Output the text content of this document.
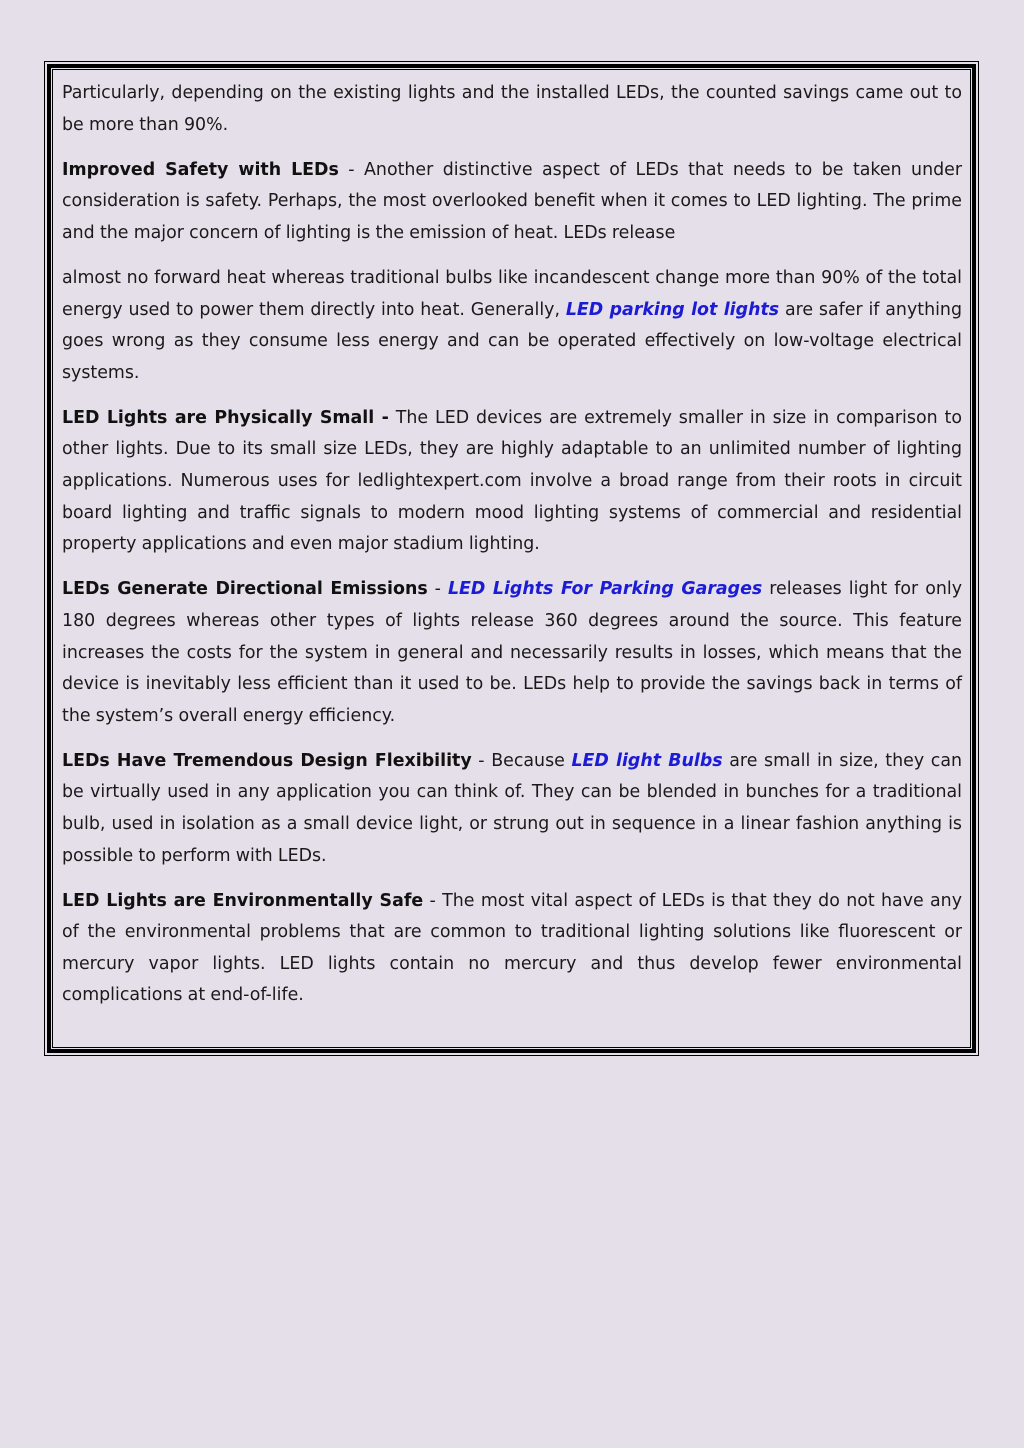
Particularly, depending on the existing lights and the installed LEDs, the counted savings came out to be more than 90%.

Improved Safety with LEDs - Another distinctive aspect of LEDs that needs to be taken under consideration is safety. Perhaps, the most overlooked benefit when it comes to LED lighting. The prime and the major concern of lighting is the emission of heat. LEDs release

almost no forward heat whereas traditional bulbs like incandescent change more than 90% of the total energy used to power them directly into heat. Generally, LED parking lot lights are safer if anything goes wrong as they consume less energy and can be operated effectively on low-voltage electrical systems.

LED Lights are Physically Small - The LED devices are extremely smaller in size in comparison to other lights. Due to its small size LEDs, they are highly adaptable to an unlimited number of lighting applications. Numerous uses for ledlightexpert.com involve a broad range from their roots in circuit board lighting and traffic signals to modern mood lighting systems of commercial and residential property applications and even major stadium lighting.

LEDs Generate Directional Emissions - LED Lights For Parking Garages releases light for only 180 degrees whereas other types of lights release 360 degrees around the source. This feature increases the costs for the system in general and necessarily results in losses, which means that the device is inevitably less efficient than it used to be. LEDs help to provide the savings back in terms of the system’s overall energy efficiency.

LEDs Have Tremendous Design Flexibility - Because LED light Bulbs are small in size, they can be virtually used in any application you can think of. They can be blended in bunches for a traditional bulb, used in isolation as a small device light, or strung out in sequence in a linear fashion anything is possible to perform with LEDs.

LED Lights are Environmentally Safe - The most vital aspect of LEDs is that they do not have any of the environmental problems that are common to traditional lighting solutions like fluorescent or mercury vapor lights. LED lights contain no mercury and thus develop fewer environmental complications at end-of-life.
